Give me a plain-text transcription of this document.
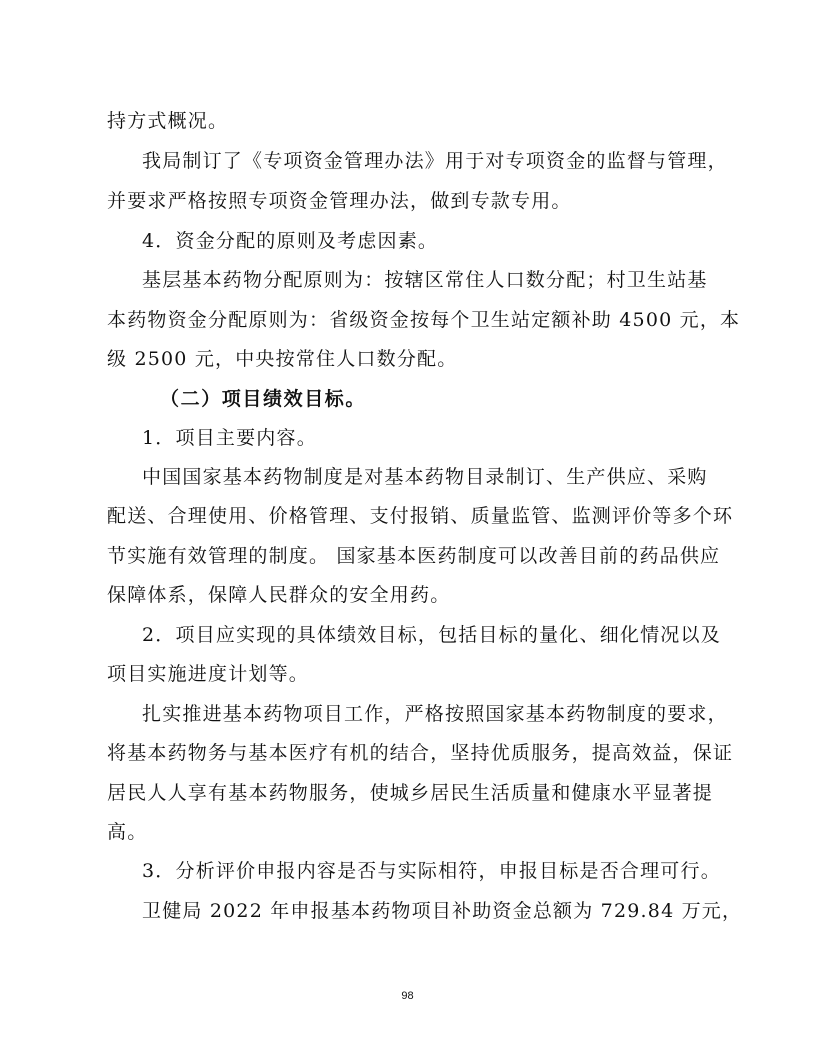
持方式概况。
我局制订了《专项资金管理办法》用于对专项资金的监督与管理，
并要求严格按照专项资金管理办法，做到专款专用。
4．资金分配的原则及考虑因素。
基层基本药物分配原则为：按辖区常住人口数分配；村卫生站基
本药物资金分配原则为：省级资金按每个卫生站定额补助 4500 元，本
级 2500 元，中央按常住人口数分配。
（二）项目绩效目标。
1．项目主要内容。
中国国家基本药物制度是对基本药物目录制订、生产供应、采购
配送、合理使用、价格管理、支付报销、质量监管、监测评价等多个环
节实施有效管理的制度。 国家基本医药制度可以改善目前的药品供应
保障体系，保障人民群众的安全用药。
2．项目应实现的具体绩效目标，包括目标的量化、细化情况以及
项目实施进度计划等。
扎实推进基本药物项目工作，严格按照国家基本药物制度的要求，
将基本药物务与基本医疗有机的结合，坚持优质服务，提高效益，保证
居民人人享有基本药物服务，使城乡居民生活质量和健康水平显著提
高。
3．分析评价申报内容是否与实际相符，申报目标是否合理可行。
卫健局 2022 年申报基本药物项目补助资金总额为 729.84 万元，
98
